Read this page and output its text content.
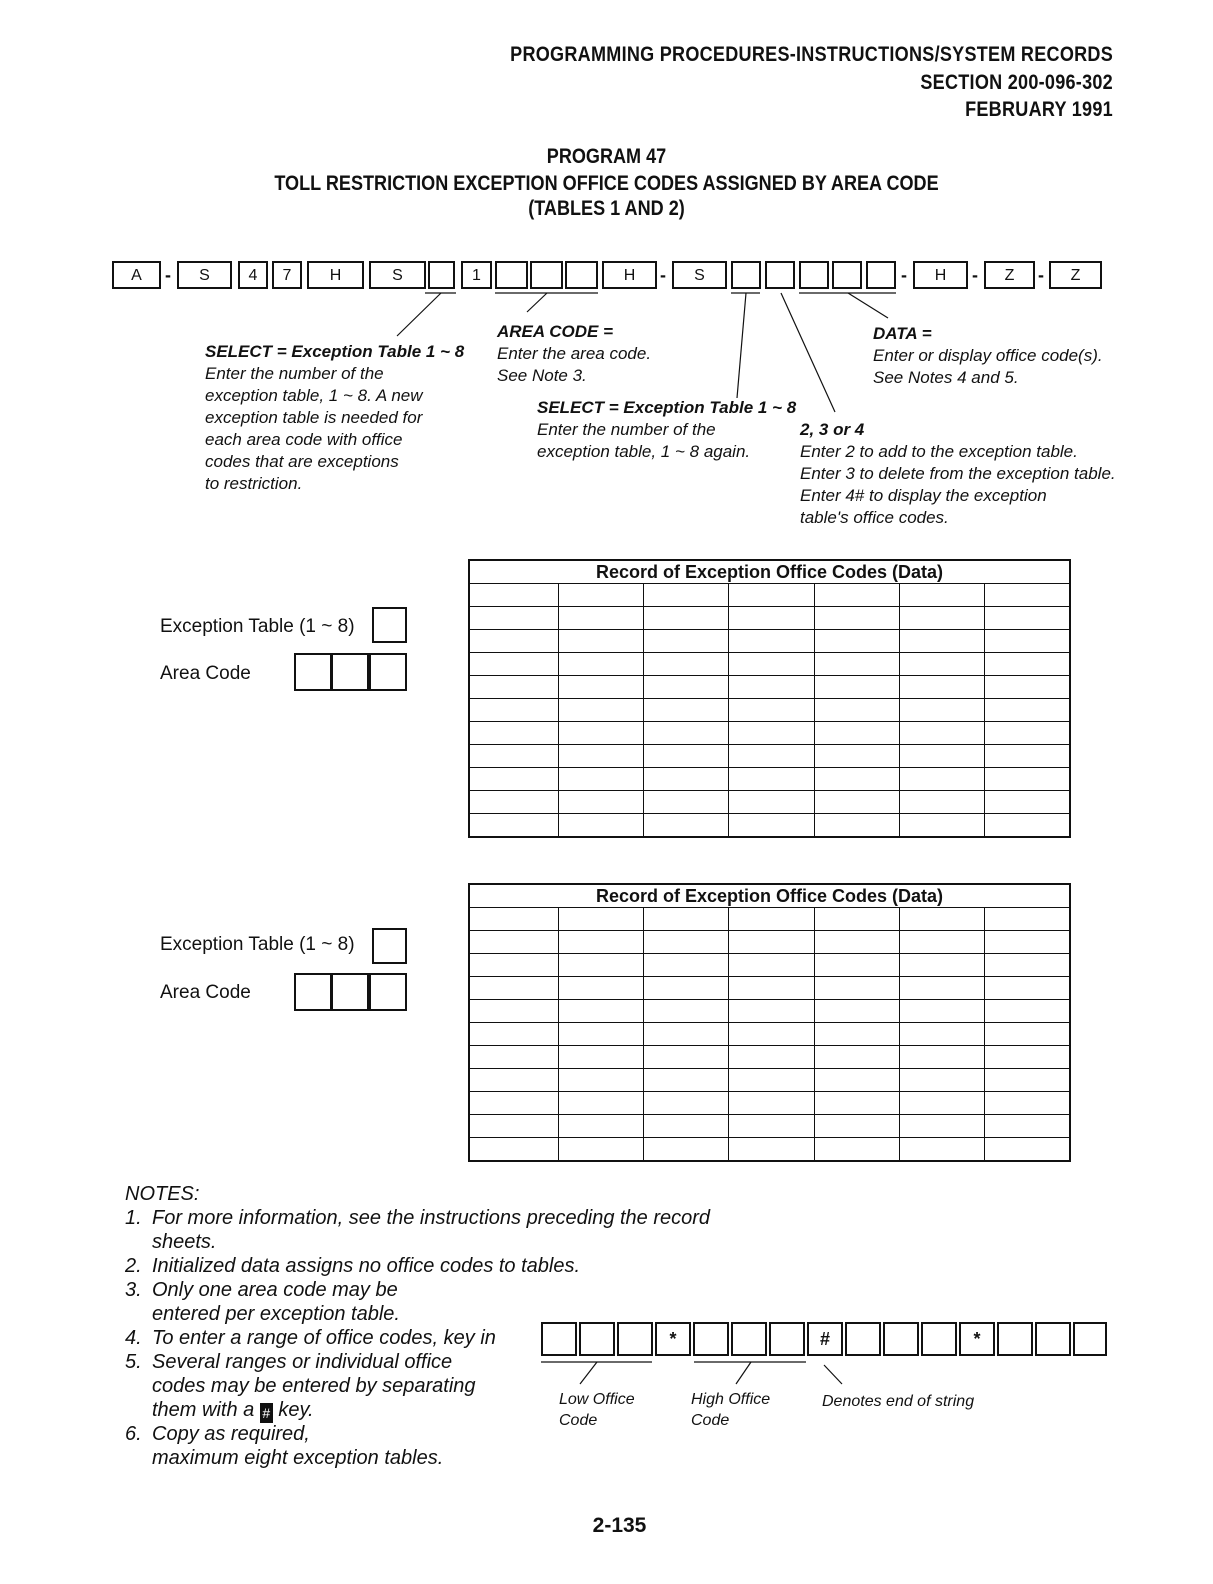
PROGRAMMING PROCEDURES-INSTRUCTIONS/SYSTEM RECORDS
SECTION 200-096-302
FEBRUARY 1991
PROGRAM 47
TOLL RESTRICTION EXCEPTION OFFICE CODES ASSIGNED BY AREA CODE
(TABLES 1 AND 2)
A	-	S	4	7	H	S	1	H	-	S	-	H	-	Z	-	Z
SELECT = Exception Table 1 ~ 8
Enter the number of the
exception table, 1 ~ 8. A new
exception table is needed for
each area code with office
codes that are exceptions
to restriction.
AREA CODE =
Enter the area code.
See Note 3.
SELECT = Exception Table 1 ~ 8
Enter the number of the
exception table, 1 ~ 8 again.
DATA =
Enter or display office code(s).
See Notes 4 and 5.
2, 3 or 4
Enter 2 to add to the exception table.
Enter 3 to delete from the exception table.
Enter 4# to display the exception
table's office codes.
Exception Table (1 ~ 8)
Area Code
Record of Exception Office Codes (Data)						

Exception Table (1 ~ 8)
Area Code
Record of Exception Office Codes (Data)						

NOTES:
1. For more information, see the instructions preceding the record
sheets.
2. Initialized data assigns no office codes to tables.
3. Only one area code may be
entered per exception table.
4. To enter a range of office codes, key in
5. Several ranges or individual office
codes may be entered by separating
them with a # key.
6. Copy as required,
maximum eight exception tables.
*	#	*
Low Office
Code
High Office
Code
Denotes end of string
2-135
